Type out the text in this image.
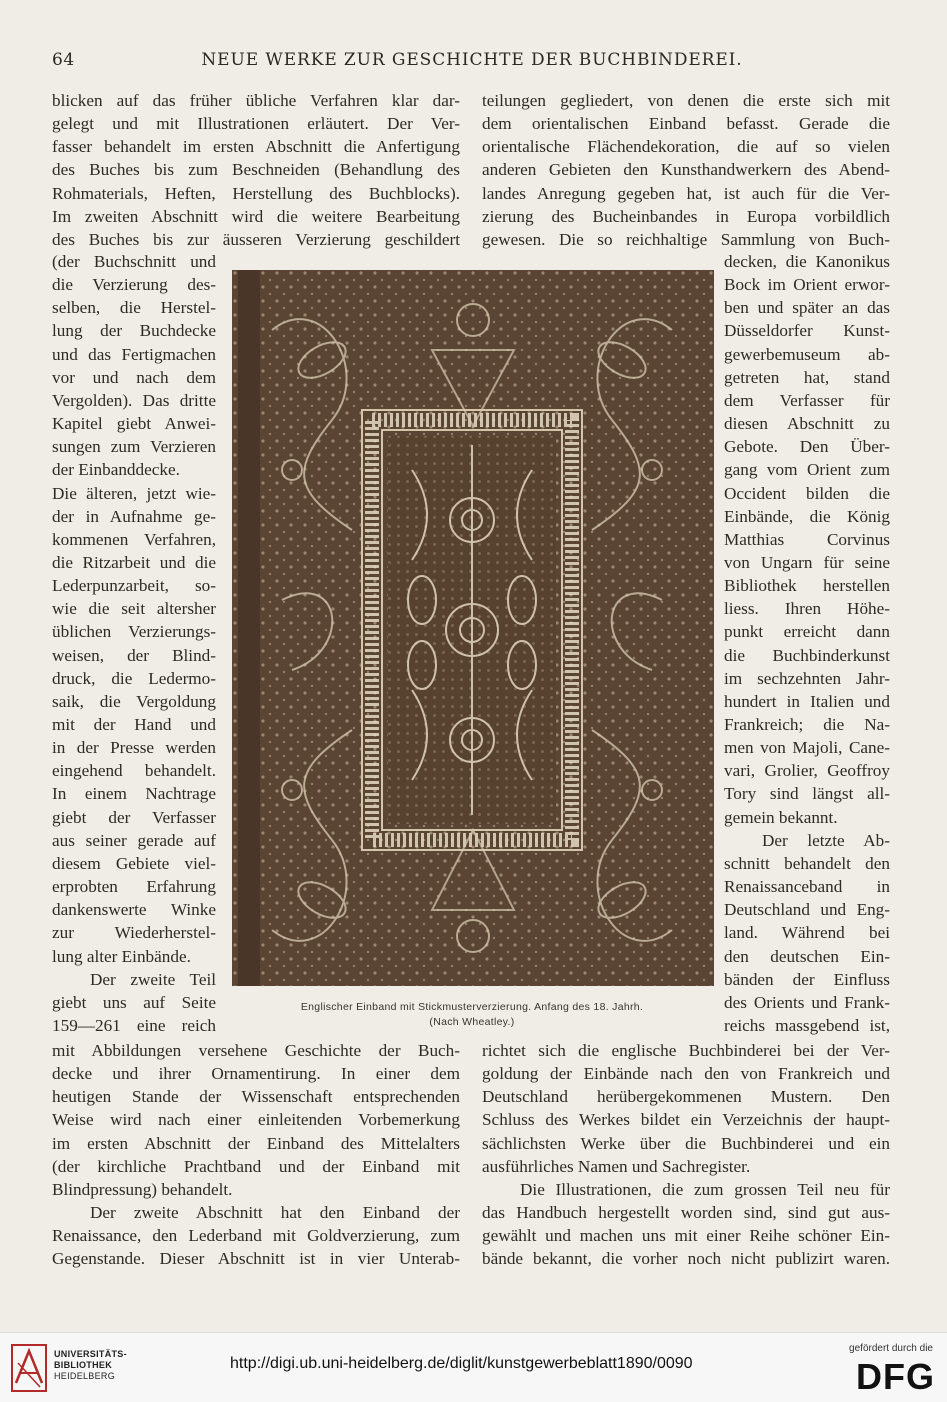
64	NEUE WERKE ZUR GESCHICHTE DER BUCHBINDEREI.
blicken auf das früher übliche Verfahren klar dar-
gelegt und mit Illustrationen erläutert. Der Ver-
fasser behandelt im ersten Abschnitt die Anfertigung
des Buches bis zum Beschneiden (Behandlung des
Rohmaterials, Heften, Herstellung des Buchblocks).
Im zweiten Abschnitt wird die weitere Bearbeitung
des Buches bis zur äusseren Verzierung geschildert
(der Buchschnitt und
die Verzierung des-
selben, die Herstel-
lung der Buchdecke
und das Fertigmachen
vor und nach dem
Vergolden). Das dritte
Kapitel giebt Anwei-
sungen zum Verzieren
der Einbanddecke.
Die älteren, jetzt wie-
der in Aufnahme ge-
kommenen Verfahren,
die Ritzarbeit und die
Lederpunzarbeit, so-
wie die seit altersher
üblichen Verzierungs-
weisen, der Blind-
druck, die Ledermo-
saik, die Vergoldung
mit der Hand und
in der Presse werden
eingehend behandelt.
In einem Nachtrage
giebt der Verfasser
aus seiner gerade auf
diesem Gebiete viel-
erprobten Erfahrung
dankenswerte Winke
zur Wiederherstel-
lung alter Einbände.
Der zweite Teil
giebt uns auf Seite
159—261 eine reich
mit Abbildungen versehene Geschichte der Buch-
decke und ihrer Ornamentirung. In einer dem
heutigen Stande der Wissenschaft entsprechenden
Weise wird nach einer einleitenden Vorbemerkung
im ersten Abschnitt der Einband des Mittelalters
(der kirchliche Prachtband und der Einband mit
Blindpressung) behandelt.
Der zweite Abschnitt hat den Einband der
Renaissance, den Lederband mit Goldverzierung, zum
Gegenstande. Dieser Abschnitt ist in vier Unterab-
teilungen gegliedert, von denen die erste sich mit
dem orientalischen Einband befasst. Gerade die
orientalische Flächendekoration, die auf so vielen
anderen Gebieten den Kunsthandwerkern des Abend-
landes Anregung gegeben hat, ist auch für die Ver-
zierung des Bucheinbandes in Europa vorbildlich
gewesen. Die so reichhaltige Sammlung von Buch-
decken, die Kanonikus
Bock im Orient erwor-
ben und später an das
Düsseldorfer Kunst-
gewerbemuseum ab-
getreten hat, stand
dem Verfasser für
diesen Abschnitt zu
Gebote. Den Über-
gang vom Orient zum
Occident bilden die
Einbände, die König
Matthias Corvinus
von Ungarn für seine
Bibliothek herstellen
liess. Ihren Höhe-
punkt erreicht dann
die Buchbinderkunst
im sechzehnten Jahr-
hundert in Italien und
Frankreich; die Na-
men von Majoli, Cane-
vari, Grolier, Geoffroy
Tory sind längst all-
gemein bekannt.
Der letzte Ab-
schnitt behandelt den
Renaissanceband in
Deutschland und Eng-
land. Während bei
den deutschen Ein-
bänden der Einfluss
des Orients und Frank-
reichs massgebend ist,
richtet sich die englische Buchbinderei bei der Ver-
goldung der Einbände nach den von Frankreich und
Deutschland herübergekommenen Mustern. Den
Schluss des Werkes bildet ein Verzeichnis der haupt-
sächlichsten Werke über die Buchbinderei und ein
ausführliches Namen und Sachregister.
Die Illustrationen, die zum grossen Teil neu für
das Handbuch hergestellt worden sind, sind gut aus-
gewählt und machen uns mit einer Reihe schöner Ein-
bände bekannt, die vorher noch nicht publizirt waren.
Englischer Einband mit Stickmusterverzierung. Anfang des 18. Jahrh.
(Nach Wheatley.)
UNIVERSITÄTS-
BIBLIOTHEK
HEIDELBERG
http://digi.ub.uni-heidelberg.de/diglit/kunstgewerbeblatt1890/0090
gefördert durch die
DFG
